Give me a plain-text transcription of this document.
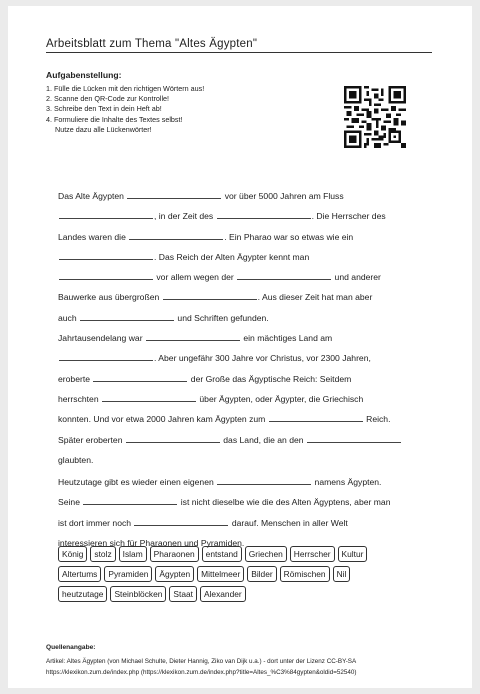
Arbeitsblatt zum Thema "Altes Ägypten"
Aufgabenstellung:
1. Fülle die Lücken mit den richtigen Wörtern aus!
2. Scanne den QR-Code zur Kontrolle!
3. Schreibe den Text in dein Heft ab!
4. Formuliere die Inhalte des Textes selbst!
Nutze dazu alle Lückenwörter!
Das Alte Ägypten	vor über 5000 Jahren am Fluss
, in der Zeit des	. Die Herrscher des
Landes waren die	. Ein Pharao war so etwas wie ein
. Das Reich der Alten Ägypter kennt man
vor allem wegen der	und anderer
Bauwerke aus übergroßen	. Aus dieser Zeit hat man aber
auch	und Schriften gefunden.
Jahrtausendelang war	ein mächtiges Land am
. Aber ungefähr 300 Jahre vor Christus, vor 2300 Jahren,
eroberte	der Große das Ägyptische Reich: Seitdem
herrschten	über Ägypten, oder Ägypter, die Griechisch
konnten. Und vor etwa 2000 Jahren kam Ägypten zum	Reich.
Später eroberten	das Land, die an den
glaubten.
Heutzutage gibt es wieder einen eigenen	namens Ägypten.
Seine	ist nicht dieselbe wie die des Alten Ägyptens, aber man
ist dort immer noch	darauf. Menschen in aller Welt
interessieren sich für Pharaonen und Pyramiden.
König	stolz	Islam	Pharaonen	entstand	Griechen	Herrscher	Kultur
Altertums	Pyramiden	Ägypten	Mittelmeer	Bilder	Römischen	Nil
heutzutage	Steinblöcken	Staat	Alexander
Quellenangabe:
Artikel: Altes Ägypten (von Michael Schulte, Dieter Hannig, Ziko van Dijk u.a.) - dort unter der Lizenz CC-BY-SA
https://klexikon.zum.de/index.php (https://klexikon.zum.de/index.php?title=Altes_%C3%84gypten&oldid=52540)
